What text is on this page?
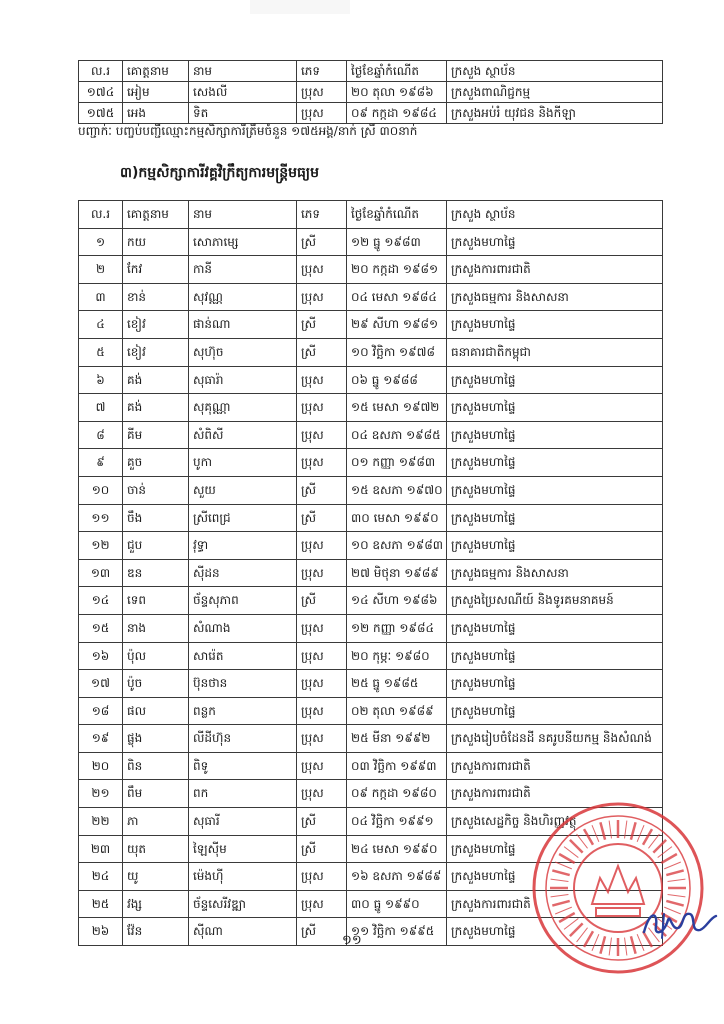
ល.រ	គោត្តនាម	នាម	ភេទ	ថ្ងៃខែឆ្នាំកំណើត	ក្រសួង ស្ថាប័ន
១៧៤	អៀម	សេងលី	ប្រុស	២០ តុលា ១៩៨៦	ក្រសួងពាណិជ្ជកម្ម
១៧៥	អេង	ទិត	ប្រុស	០៩ កក្កដា ១៩៨៤	ក្រសួងអប់រំ យុវជន និងកីឡា
បញ្ជាក់ៈ បញ្ចប់បញ្ជីឈ្មោះកម្មសិក្សាការីត្រឹមចំនួន ១៧៥អង្គ/នាក់ ស្រី ៣០នាក់
៣)កម្មសិក្សាការីវគ្គវិក្រឹត្យការមន្ត្រីមធ្យម
ល.រ	គោត្តនាម	នាម	ភេទ	ថ្ងៃខែឆ្នាំកំណើត	ក្រសួង ស្ថាប័ន
១	កយ	សោភាម្សេ	ស្រី	១២ ធ្នូ ១៩៨៣	ក្រសួងមហាផ្ទៃ
២	កែវ	កានី	ប្រុស	២០ កក្កដា ១៩៨១	ក្រសួងការពារជាតិ
៣	ខាន់	សុវណ្ណ	ប្រុស	០៤ មេសា ១៩៨៤	ក្រសួងធម្មការ និងសាសនា
៤	ខៀវ	ផាន់ណា	ស្រី	២៩ សីហា ១៩៨១	ក្រសួងមហាផ្ទៃ
៥	ខៀវ	សុហ៊ុច	ស្រី	១០ វិច្ឆិកា ១៩៧៨	ធនាគារជាតិកម្ពុជា
៦	គង់	សុធារ៉ា	ប្រុស	០៦ ធ្នូ ១៩៨៨	ក្រសួងមហាផ្ទៃ
៧	គង់	សុគុណ្ណា	ប្រុស	១៥ មេសា ១៩៧២	ក្រសួងមហាផ្ទៃ
៨	គីម	សំពិសី	ប្រុស	០៤ ឧសភា ១៩៨៥	ក្រសួងមហាផ្ទៃ
៩	គួច	បូកា	ប្រុស	០១ កញ្ញា ១៩៨៣	ក្រសួងមហាផ្ទៃ
១០	ចាន់	សួយ	ស្រី	១៥ ឧសភា ១៩៧០	ក្រសួងមហាផ្ទៃ
១១	ចឹង	ស្រីពេជ្រ	ស្រី	៣០ មេសា ១៩៩០	ក្រសួងមហាផ្ទៃ
១២	ជួប	វុទ្ធា	ប្រុស	១០ ឧសភា ១៩៨៣	ក្រសួងមហាផ្ទៃ
១៣	ឌន	ស៊ីដន	ប្រុស	២៧ មិថុនា ១៩៨៩	ក្រសួងធម្មការ និងសាសនា
១៤	ទេព	ច័ន្ទសុភាព	ស្រី	១៤ សីហា ១៩៨៦	ក្រសួងប្រៃសណីយ៍ និងទូរគមនាគមន៍
១៥	នាង	សំណាង	ប្រុស	១២ កញ្ញា ១៩៨៤	ក្រសួងមហាផ្ទៃ
១៦	ប៉ុល	សារ៉េត	ប្រុស	២០ កុម្ភៈ ១៩៨០	ក្រសួងមហាផ្ទៃ
១៧	ប៉ូច	ប៊ុនថាន	ប្រុស	២៥ ធ្នូ ១៩៨៥	ក្រសួងមហាផ្ទៃ
១៨	ផល	ពន្លក	ប្រុស	០២ តុលា ១៩៨៩	ក្រសួងមហាផ្ទៃ
១៩	ផ្លុង	លីដីហ៊ុន	ប្រុស	២៥ មីនា ១៩៩២	ក្រសួងរៀបចំដែនដី នគរូបនីយកម្ម និងសំណង់
២០	ពិន	ពិទូ	ប្រុស	០៣ វិច្ឆិកា ១៩៩៣	ក្រសួងការពារជាតិ
២១	ពឹម	ពក	ប្រុស	០៩ កក្កដា ១៩៨០	ក្រសួងការពារជាតិ
២២	ភា	សុធារី	ស្រី	០៤ វិច្ឆិកា ១៩៩១	ក្រសួងសេដ្ឋកិច្ច និងហិរញ្ញវត្ថុ
២៣	យុត	ឡៃស៊ីម	ស្រី	២៤ មេសា ១៩៩០	ក្រសួងមហាផ្ទៃ
២៤	យូ	ម៉េងហ៊ី	ប្រុស	១៦ ឧសភា ១៩៨៩	ក្រសួងមហាផ្ទៃ
២៥	វង្ស	ច័ន្ទសេរីវឌ្ឍា	ប្រុស	៣០ ធ្នូ ១៩៩០	ក្រសួងការពារជាតិ
២៦	វ៉ែន	ស៊ីណា	ស្រី	១១ វិច្ឆិកា ១៩៩៥	ក្រសួងមហាផ្ទៃ
១១
